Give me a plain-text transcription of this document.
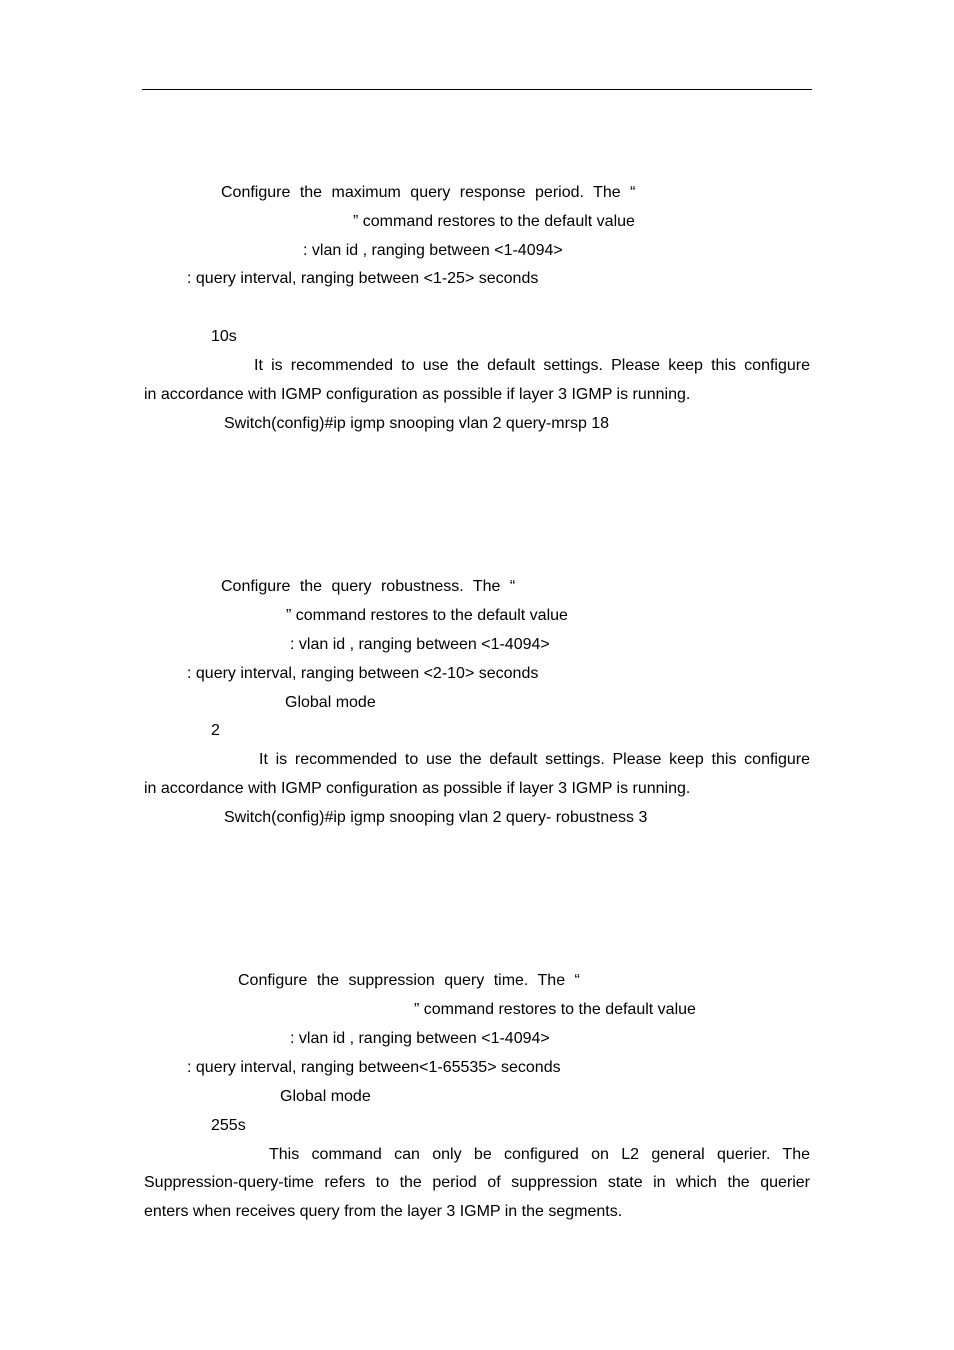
Configure the maximum query response period. The “
” command restores to the default value
: vlan id , ranging between <1-4094>
: query interval, ranging between <1-25> seconds
10s
It is recommended to use the default settings. Please keep this configure
in accordance with IGMP configuration as possible if layer 3 IGMP is running.
Switch(config)#ip igmp snooping vlan 2 query-mrsp 18
Configure the query robustness. The “
” command restores to the default value
: vlan id , ranging between <1-4094>
: query interval, ranging between <2-10> seconds
Global mode
2
It is recommended to use the default settings. Please keep this configure
in accordance with IGMP configuration as possible if layer 3 IGMP is running.
Switch(config)#ip igmp snooping vlan 2 query- robustness 3
Configure the suppression query time. The “
” command restores to the default value
: vlan id , ranging between <1-4094>
: query interval, ranging between<1-65535> seconds
Global mode
255s
This command can only be configured on L2 general querier. The
Suppression-query-time refers to the period of suppression state in which the querier
enters when receives query from the layer 3 IGMP in the segments.
